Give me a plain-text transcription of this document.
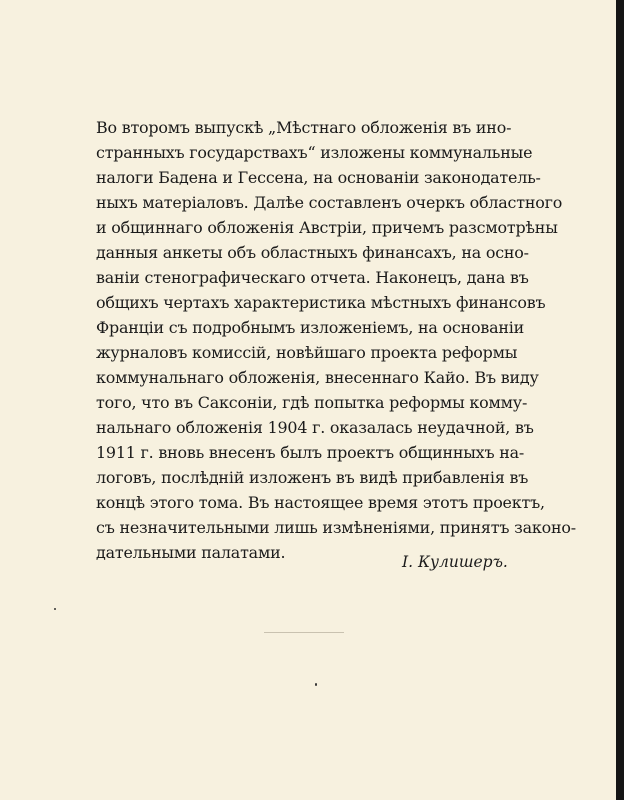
Во второмъ выпускѣ „Мѣстнаго обложенія въ ино-
странныхъ государствахъ“ изложены коммунальные
налоги Бадена и Гессена, на основаніи законодатель-
ныхъ матеріаловъ. Далѣе составленъ очеркъ областного
и общиннаго обложенія Австріи, причемъ разсмотрѣны
данныя анкеты объ областныхъ финансахъ, на осно-
ваніи стенографическаго отчета. Наконецъ, дана въ
общихъ чертахъ характеристика мѣстныхъ финансовъ
Франціи съ подробнымъ изложеніемъ, на основаніи
журналовъ комиссій, новѣйшаго проекта реформы
коммунальнаго обложенія, внесеннаго Кайо. Въ виду
того, что въ Саксоніи, гдѣ попытка реформы комму-
нальнаго обложенія 1904 г. оказалась неудачной, въ
1911 г. вновь внесенъ былъ проектъ общинныхъ на-
логовъ, послѣдній изложенъ въ видѣ прибавленія въ
концѣ этого тома. Въ настоящее время этотъ проектъ,
съ незначительными лишь измѣненіями, принятъ законо-
дательными палатами.	І. Кулишеръ.
